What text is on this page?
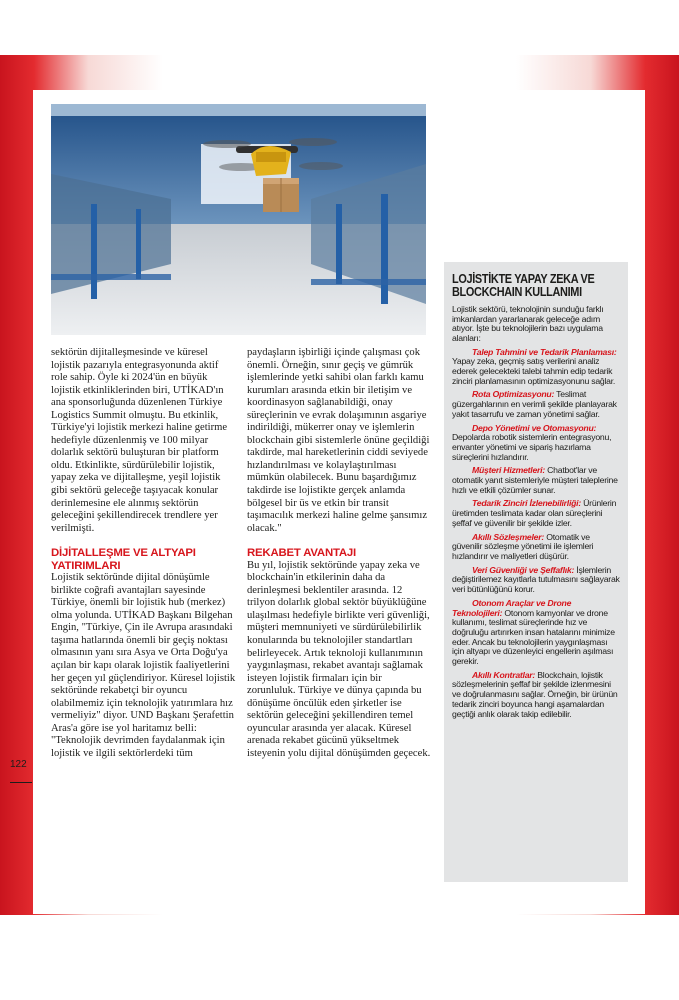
sektörün dijitalleşmesinde ve küresel lojistik pazarıyla entegrasyonunda aktif role sahip. Öyle ki 2024'ün en büyük lojistik etkinliklerinden biri, UTİKAD'ın ana sponsorluğunda düzenlenen Türkiye Logistics Summit olmuştu. Bu etkinlik, Türkiye'yi lojistik merkezi haline getirme hedefiyle düzenlenmiş ve 100 milyar dolarlık sektörü buluşturan bir platform oldu. Etkinlikte, sürdürülebilir lojistik, yapay zeka ve dijitalleşme, yeşil lojistik gibi sektörü geleceğe taşıyacak konular derinlemesine ele alınmış sektörün geleceğini şekillendirecek trendlere yer verilmişti.

DİJİTALLEŞME VE ALTYAPI YATIRIMLARI

Lojistik sektöründe dijital dönüşümle birlikte coğrafi avantajları sayesinde Türkiye, önemli bir lojistik hub (merkez) olma yolunda. UTİKAD Başkanı Bilgehan Engin, "Türkiye, Çin ile Avrupa arasındaki taşıma hatlarında önemli bir geçiş noktası olmasının yanı sıra Asya ve Orta Doğu'ya açılan bir kapı olarak lojistik faaliyetlerini her geçen yıl güçlendiriyor. Küresel lojistik sektöründe rekabetçi bir oyuncu olabilmemiz için teknolojik yatırımlara hız vermeliyiz" diyor. UND Başkanı Şerafettin Aras'a göre ise yol haritamız belli: "Teknolojik devrimden faydalanmak için lojistik ve ilgili sektörlerdeki tüm

paydaşların işbirliği içinde çalışması çok önemli. Örneğin, sınır geçiş ve gümrük işlemlerinde yetki sahibi olan farklı kamu kurumları arasında etkin bir iletişim ve koordinasyon sağlanabildiği, onay süreçlerinin ve evrak dolaşımının asgariye indirildiği, mükerrer onay ve işlemlerin blockchain gibi sistemlerle önüne geçildiği takdirde, mal hareketlerinin ciddi seviyede hızlandırılması ve kolaylaştırılması mümkün olabilecek. Bunu başardığımız takdirde ise lojistikte gerçek anlamda bölgesel bir üs ve etkin bir transit taşımacılık merkezi haline gelme şansımız olacak."

REKABET AVANTAJI

Bu yıl, lojistik sektöründe yapay zeka ve blockchain'in etkilerinin daha da derinleşmesi beklentiler arasında. 12 trilyon dolarlık global sektör büyüklüğüne ulaşılması hedefiyle birlikte veri güvenliği, müşteri memnuniyeti ve sürdürülebilirlik konularında bu teknolojiler standartları belirleyecek. Artık teknoloji kullanımının yaygınlaşması, rekabet avantajı sağlamak isteyen lojistik firmaları için bir zorunluluk. Türkiye ve dünya çapında bu dönüşüme öncülük eden şirketler ise sektörün geleceğini şekillendiren temel oyuncular arasında yer alacak. Küresel arenada rekabet gücünü yükseltmek isteyenin yolu dijital dönüşümden geçecek.

LOJİSTİKTE YAPAY ZEKA VE BLOCKCHAIN KULLANIMI

Lojistik sektörü, teknolojinin sunduğu farklı imkanlardan yararlanarak geleceğe adım atıyor. İşte bu teknolojilerin bazı uygulama alanları:

Talep Tahmini ve Tedarik Planlaması: Yapay zeka, geçmiş satış verilerini analiz ederek gelecekteki talebi tahmin edip tedarik zinciri planlamasının optimizasyonunu sağlar.

Rota Optimizasyonu: Teslimat güzergahlarının en verimli şekilde planlayarak yakıt tasarrufu ve zaman yönetimi sağlar.

Depo Yönetimi ve Otomasyonu: Depolarda robotik sistemlerin entegrasyonu, envanter yönetimi ve sipariş hazırlama süreçlerini hızlandırır.

Müşteri Hizmetleri: Chatbot'lar ve otomatik yanıt sistemleriyle müşteri taleplerine hızlı ve etkili çözümler sunar.

Tedarik Zinciri İzlenebilirliği: Ürünlerin üretimden teslimata kadar olan süreçlerini şeffaf ve güvenilir bir şekilde izler.

Akıllı Sözleşmeler: Otomatik ve güvenilir sözleşme yönetimi ile işlemleri hızlandırır ve maliyetleri düşürür.

Veri Güvenliği ve Şeffaflık: İşlemlerin değiştirilemez kayıtlarla tutulmasını sağlayarak veri bütünlüğünü korur.

Otonom Araçlar ve Drone Teknolojileri: Otonom kamyonlar ve drone kullanımı, teslimat süreçlerinde hız ve doğruluğu artırırken insan hatalarını minimize eder. Ancak bu teknolojilerin yaygınlaşması için altyapı ve düzenleyici engellerin aşılması gerekir.

Akıllı Kontratlar: Blockchain, lojistik sözleşmelerinin şeffaf bir şekilde izlenmesini ve doğrulanmasını sağlar. Örneğin, bir ürünün tedarik zinciri boyunca hangi aşamalardan geçtiği anlık olarak takip edilebilir.

122
